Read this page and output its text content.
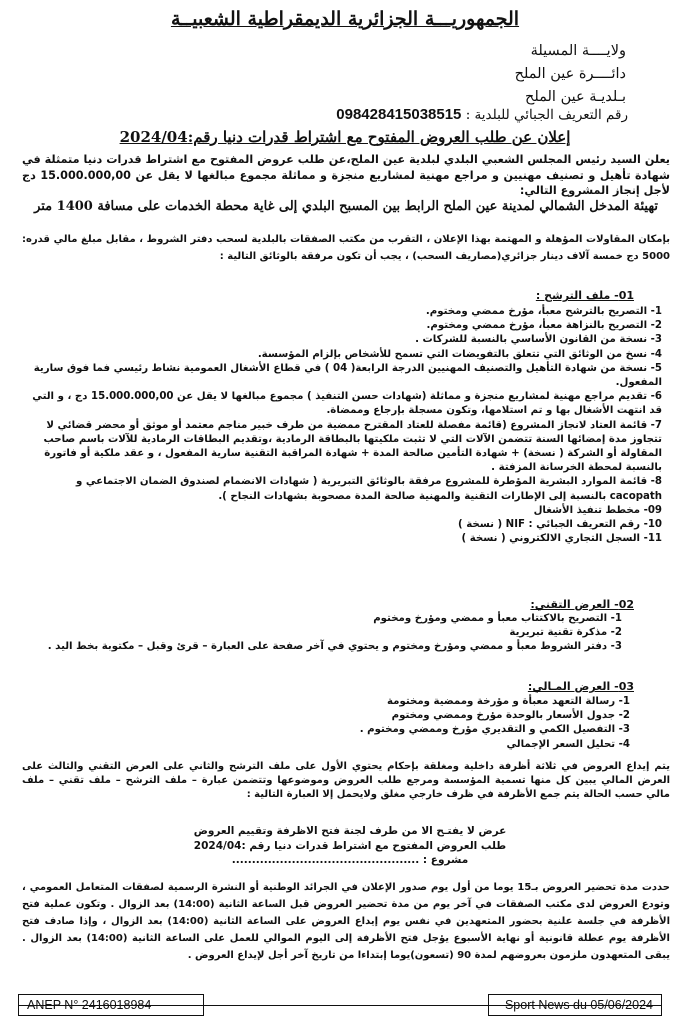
الجمهوريـــة الجزائرية الديمقراطية الشعبيــة
ولايــــة المسيلة
دائــــرة عين الملح
بـلديـة عين الملح
رقم التعريف الجبائي للبلدية : 098428415038515
إعلان عن طلب العروض المفتوح مع اشتراط قدرات دنيا رقم:2024/04
يعلن السيد رئيس المجلس الشعبي البلدي لبلدية عين الملح،عن طلب عروض المفتوح مع اشتراط قدرات دنيا متمثلة في شهادة تأهيل و تصنيف مهنيين و مراجع مهنية لمشاريع منجزة و مماثلة مجموع مبالغها لا يقل عن 15.000.000,00 دج لأجل إنجاز المشروع التالي:
تهيئة المدخل الشمالي لمدينة عين الملح الرابط بين المسبح البلدي إلى غاية محطة الخدمات على مسافة 1400 متر
بإمكان المقاولات المؤهلة و المهتمة بهذا الإعلان ، التقرب من مكتب الصفقات بالبلدية لسحب دفتر الشروط ، مقابل مبلغ مالي قدره: 5000 دج خمسة آلاف دينار جزائري(مصاريف السحب) ، يجب أن تكون مرفقة بالوثائق التالية :
01- ملف الترشح :

1- التصريح بالترشح معبأ، مؤرخ ممضي ومختوم.

2- التصريح بالنزاهة معبأ، مؤرخ ممضي ومختوم.

3- نسخة من القانون الأساسي بالنسبة للشركات .

4- نسخ من الوثائق التي تتعلق بالتفويضات التي تسمح للأشخاص بإلزام المؤسسة.

5- نسخة من شهادة التأهيل والتصنيف المهنيين الدرجة الرابعة( 04 ) في قطاع الأشغال العمومية نشاط رئيسي فما فوق سارية المفعول.

6- تقديم مراجع مهنية لمشاريع منجزة و مماثلة (شهادات حسن التنفيذ ) مجموع مبالغها لا يقل عن 15.000.000,00 دج ، و التي قد انتهت الأشغال بها و تم استلامها، وتكون مسجلة بإرجاع وممضاة.

7- قائمة العتاد لانجاز المشروع (قائمة مفصلة للعتاد المقترح ممضية من طرف خبير مناجم معتمد أو موثق أو محضر قضائي لا تتجاوز مدة إمضائها السنة تتضمن الآلات التي لا تثبت ملكيتها بالبطاقة الرمادية ،وتقديم البطاقات الرمادية للآلات باسم صاحب المقاولة أو الشركة ( نسخة) + شهادة التأمين صالحة المدة + شهادة المراقبة التقنية سارية المفعول ، و عقد ملكية أو فاتورة بالنسبة لمحطة الخرسانة المزفتة .

8- قائمة الموارد البشرية المؤطرة للمشروع مرفقة بالوثائق التبريرية ( شهادات الانضمام لصندوق الضمان الاجتماعي و cacopath بالنسبة إلى الإطارات التقنية والمهنية صالحة المدة مصحوبة بشهادات النجاح ).

09- مخطط تنفيذ الأشغال

10- رقم التعريف الجبائي : NIF ( نسخة )

11- السجل التجاري الالكتروني ( نسخة )

02- العرض التقني:

1- التصريح بالاكتتاب معبأ و ممضي ومؤرخ ومختوم

2- مذكرة تقنية تبريرية

3- دفتر الشروط معبأ و ممضي ومؤرخ ومختوم و يحتوي في آخر صفحة على العبارة – قرئ وقبل – مكتوبة بخط اليد .

03- العرض المـالي:

1- رسالة التعهد معبأة و مؤرخة وممضية ومختومة

2- جدول الأسعار بالوحدة مؤرخ وممضي ومختوم

3- التفصيل الكمي و التقديري مؤرخ وممضي ومختوم .

4- تحليل السعر الإجمالي

يتم إيداع العروض في ثلاثة أظرفة داخلية ومغلقة بإحكام يحتوي الأول على ملف الترشح والثاني على العرض التقني والثالث على العرض المالي يبين كل منها تسمية المؤسسة ومرجع طلب العروض وموضوعها وتتضمن عبارة – ملف الترشح – ملف تقني – ملف مالي حسب الحالة يتم جمع الأظرفة في ظرف خارجي مغلق ولايحمل إلا العبارة التالية :
عرض لا يفتـح الا من طرف لجنة فتح الاظرفة وتقييم العروض
طلب العروض المفتوح مع اشتراط قدرات دنيا رقم :2024/04
مشروع : ...............................................
حددت مدة تحضير العروض بـ15 يوما من أول يوم صدور الإعلان في الجرائد الوطنية أو النشرة الرسمية لصفقات المتعامل العمومي ، وتودع العروض لدى مكتب الصفقات في آخر يوم من مدة تحضير العروض قبل الساعة الثانية (14:00) بعد الزوال . وتكون عملية فتح الأظرفة في جلسة علنية بحضور المتعهدين في نفس يوم إيداع العروض على الساعة الثانية (14:00) بعد الزوال ، وإذا صادف فتح الأظرفة يوم عطلة قانونية أو نهاية الأسبوع يؤجل فتح الأظرفة إلى اليوم الموالي للعمل على الساعة الثانية (14:00) بعد الزوال . يبقى المتعهدون ملزمون بعروضهم لمدة 90 (تسعون)يوما إبتداءا من تاريخ آخر أجل لإيداع العروض .
ANEP N° 2416018984	Sport News du 05/06/2024
